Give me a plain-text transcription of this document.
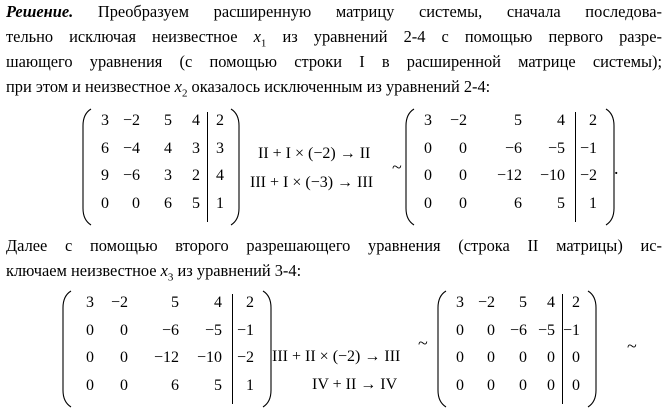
Решение. Преобразуем расширенную матрицу системы, сначала последова-
тельно исключая неизвестное $x_1$ из уравнений 2-4 с помощью первого разре-
шающего уравнения (с помощью строки I в расширенной матрице системы);
при этом и неизвестное $x_2$ оказалось исключенным из уравнений 2-4:
Далее с помощью второго разрешающего уравнения (строка II матрицы) ис-
ключаем неизвестное $x_3$ из уравнений 3-4:
3 −2	5	4	2
6 −4	4	3	3
9 −6	3	2	4
0	0	6	5	1
II + I × (−2) → II
III + I × (−3) → III
~
3	−2	5	4	2
0	0	−6	−5 −1
0	0	−12	−10 −2
0	0	6	5	1
.
3	−2	5	4	2
0	0	−6	−5 −1
0	0	−12	−10 −2
0	0	6	5	1
III + II × (−2) → III
IV + II → IV
~
3 −2	5	4	2
0	0 −6 −5 −1
0	0	0	0	0
0	0	0	0	0
~
